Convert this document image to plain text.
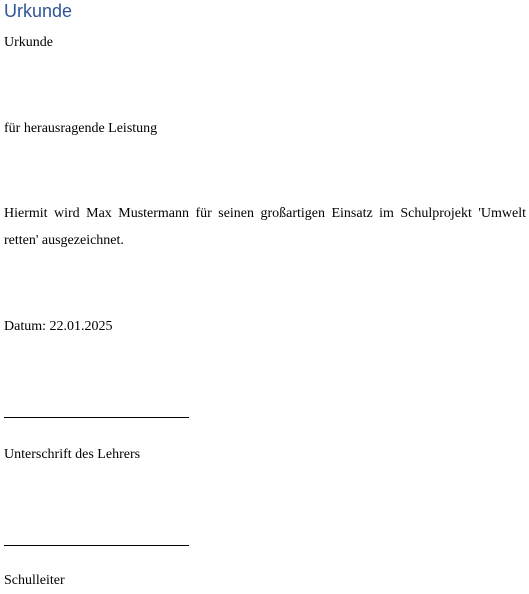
Urkunde

Urkunde

für herausragende Leistung

Hiermit wird Max Mustermann für seinen großartigen Einsatz im Schulprojekt 'Umwelt retten' ausgezeichnet.

Datum: 22.01.2025

Unterschrift des Lehrers

Schulleiter
